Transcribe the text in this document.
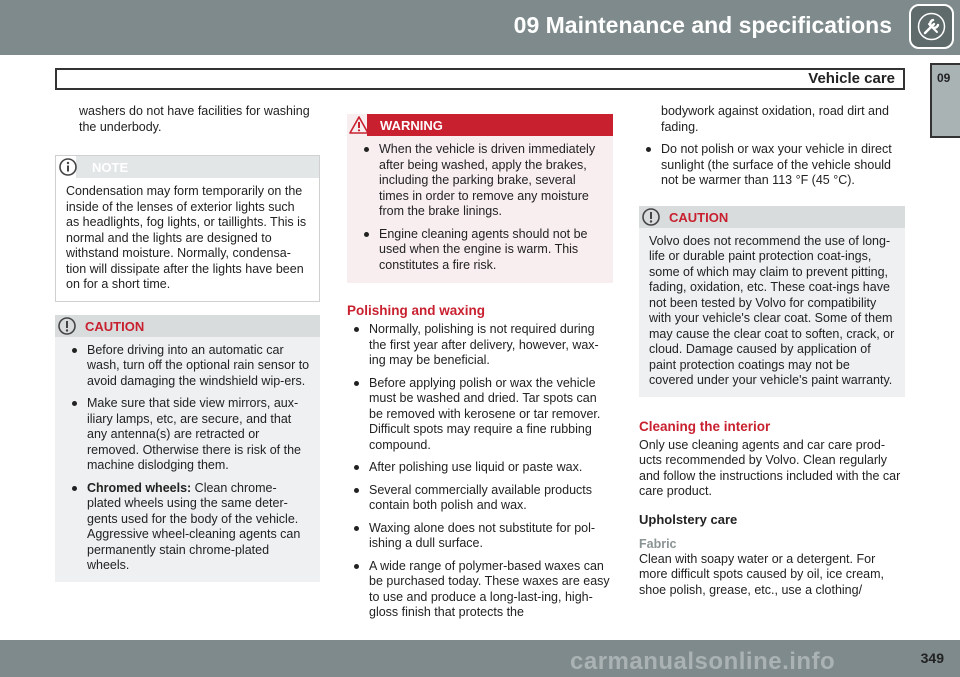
09 Maintenance and specifications
Vehicle care	09

washers do not have facilities for washing the underbody.

NOTE

Condensation may form temporarily on the inside of the lenses of exterior lights such as headlights, fog lights, or taillights. This is normal and the lights are designed to withstand moisture. Normally, condensa-tion will dissipate after the lights have been on for a short time.

CAUTION
Before driving into an automatic car wash, turn off the optional rain sensor to avoid damaging the windshield wip-ers.
Make sure that side view mirrors, aux-iliary lamps, etc, are secure, and that any antenna(s) are retracted or removed. Otherwise there is risk of the machine dislodging them.
Chromed wheels: Clean chrome-plated wheels using the same deter-gents used for the body of the vehicle. Aggressive wheel-cleaning agents can permanently stain chrome-plated wheels.
WARNING
When the vehicle is driven immediately after being washed, apply the brakes, including the parking brake, several times in order to remove any moisture from the brake linings.
Engine cleaning agents should not be used when the engine is warm. This constitutes a fire risk.
Polishing and waxing
Normally, polishing is not required during the first year after delivery, however, wax-ing may be beneficial.
Before applying polish or wax the vehicle must be washed and dried. Tar spots can be removed with kerosene or tar remover. Difficult spots may require a fine rubbing compound.
After polishing use liquid or paste wax.
Several commercially available products contain both polish and wax.
Waxing alone does not substitute for pol-ishing a dull surface.
A wide range of polymer-based waxes can be purchased today. These waxes are easy to use and produce a long-last-ing, high-gloss finish that protects the

bodywork against oxidation, road dirt and fading.

Do not polish or wax your vehicle in direct sunlight (the surface of the vehicle should not be warmer than 113 °F (45 °C).
CAUTION

Volvo does not recommend the use of long-life or durable paint protection coat-ings, some of which may claim to prevent pitting, fading, oxidation, etc. These coat-ings have not been tested by Volvo for compatibility with your vehicle's clear coat. Some of them may cause the clear coat to soften, crack, or cloud. Damage caused by application of paint protection coatings may not be covered under your vehicle's paint warranty.

Cleaning the interior

Only use cleaning agents and car care prod-ucts recommended by Volvo. Clean regularly and follow the instructions included with the car care product.

Upholstery care
Fabric

Clean with soapy water or a detergent. For more difficult spots caused by oil, ice cream, shoe polish, grease, etc., use a clothing/

349
carmanualsonline.info
